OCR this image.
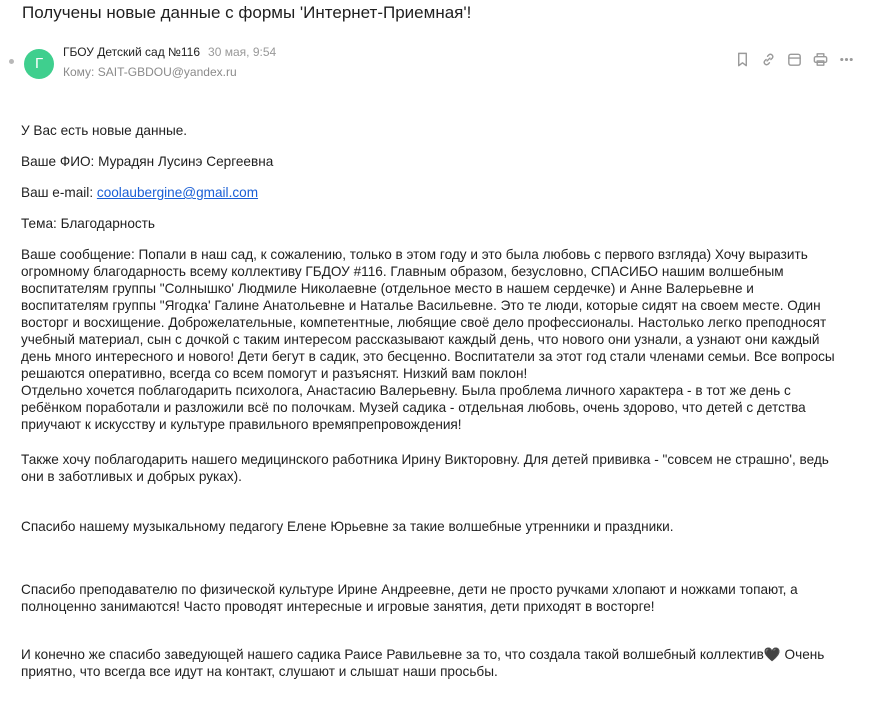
Получены новые данные с формы 'Интернет-Приемная'!
Г
ГБОУ Детский сад №116 30 мая, 9:54
Кому: SAIT-GBDOU@yandex.ru

У Вас есть новые данные.

Ваше ФИО: Мурадян Лусинэ Сергеевна

Ваш e-mail: coolaubergine@gmail.com

Тема: Благодарность

Ваше сообщение: Попали в наш сад, к сожалению, только в этом году и это была любовь с первого взгляда) Хочу выразить огромному благодарность всему коллективу ГБДОУ #116. Главным образом, безусловно, СПАСИБО нашим волшебным воспитателям группы "Солнышко' Людмиле Николаевне (отдельное место в нашем сердечке) и Анне Валерьевне и воспитателям группы "Ягодка' Галине Анатольевне и Наталье Васильевне. Это те люди, которые сидят на своем месте. Один восторг и восхищение. Доброжелательные, компетентные, любящие своё дело профессионалы. Настолько легко преподносят учебный материал, сын с дочкой с таким интересом рассказывают каждый день, что нового они узнали, а узнают они каждый день много интересного и нового! Дети бегут в садик, это бесценно. Воспитатели за этот год стали членами семьи. Все вопросы решаются оперативно, всегда со всем помогут и разъяснят. Низкий вам поклон!

Отдельно хочется поблагодарить психолога, Анастасию Валерьевну. Была проблема личного характера - в тот же день с ребёнком поработали и разложили всё по полочкам. Музей садика - отдельная любовь, очень здорово, что детей с детства приучают к искусству и культуре правильного времяпрепровождения!

Также хочу поблагодарить нашего медицинского работника Ирину Викторовну. Для детей прививка - "совсем не страшно', ведь они в заботливых и добрых руках).

Спасибо нашему музыкальному педагогу Елене Юрьевне за такие волшебные утренники и праздники.

Спасибо преподавателю по физической культуре Ирине Андреевне, дети не просто ручками хлопают и ножками топают, а полноценно занимаются! Часто проводят интересные и игровые занятия, дети приходят в восторге!

И конечно же спасибо заведующей нашего садика Раисе Равильевне за то, что создала такой волшебный коллектив🖤 Очень приятно, что всегда все идут на контакт, слушают и слышат наши просьбы.
